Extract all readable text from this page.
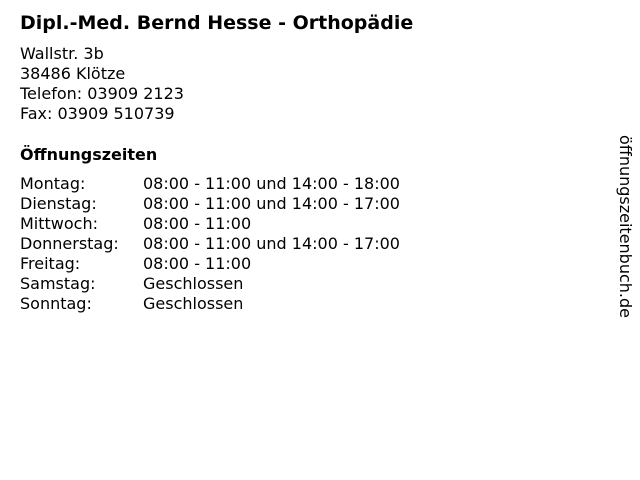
Dipl.-Med. Bernd Hesse - Orthopädie
Wallstr. 3b
38486 Klötze
Telefon: 03909 2123
Fax: 03909 510739
Öffnungszeiten
Montag:	08:00 - 11:00 und 14:00 - 18:00
Dienstag:	08:00 - 11:00 und 14:00 - 17:00
Mittwoch:	08:00 - 11:00
Donnerstag: 08:00 - 11:00 und 14:00 - 17:00
Freitag:	08:00 - 11:00
Samstag:	Geschlossen
Sonntag:	Geschlossen	öffnungszeitenbuch.de
